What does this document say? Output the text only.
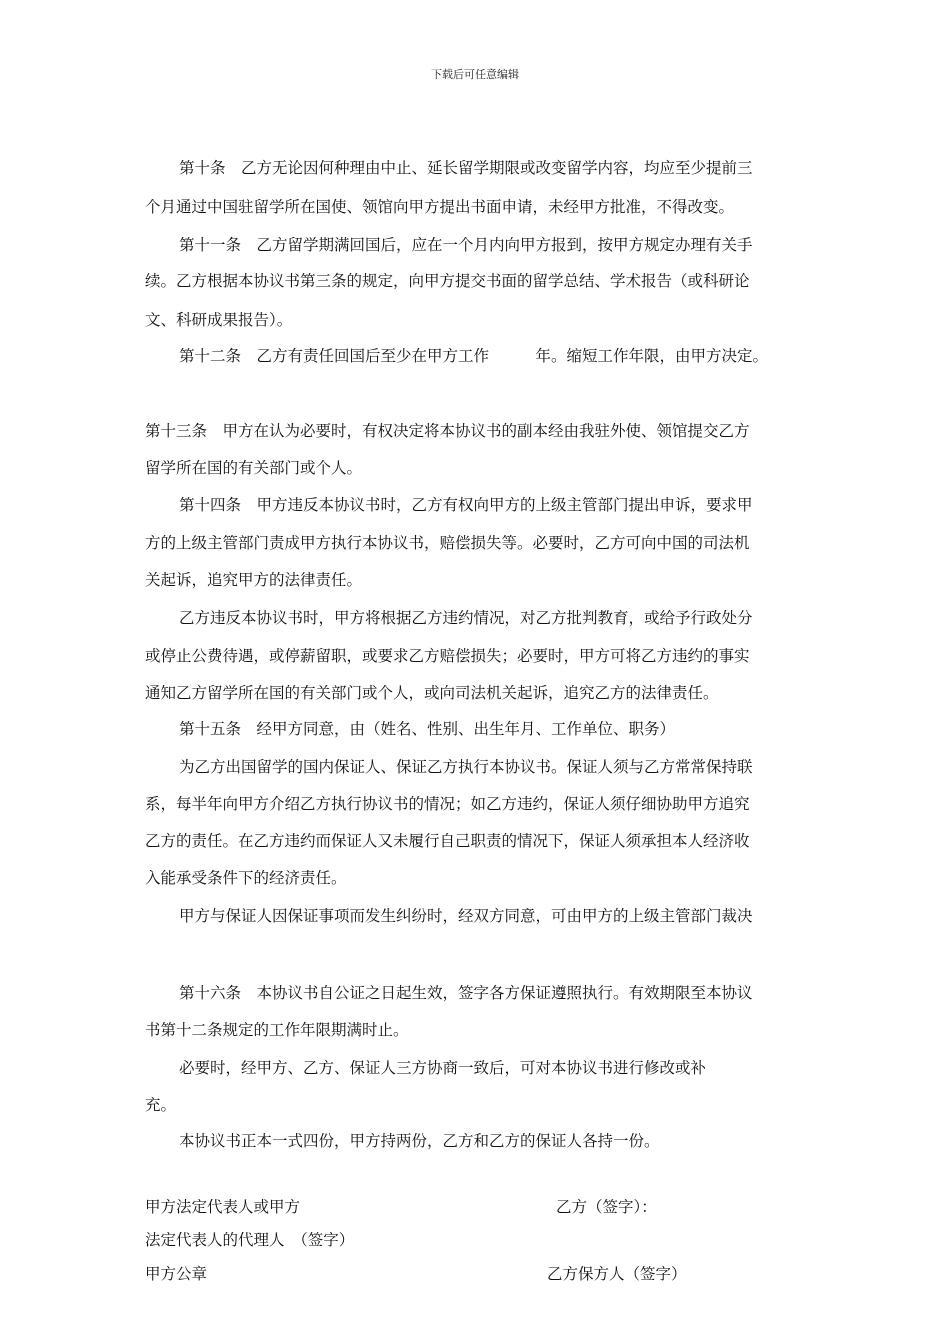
下载后可任意编辑
第十条　乙方无论因何种理由中止、延长留学期限或改变留学内容，均应至少提前三
个月通过中国驻留学所在国使、领馆向甲方提出书面申请，未经甲方批准，不得改变。
第十一条　乙方留学期满回国后，应在一个月内向甲方报到，按甲方规定办理有关手
续。乙方根据本协议书第三条的规定，向甲方提交书面的留学总结、学术报告（或科研论
文、科研成果报告）。
第十二条　乙方有责任回国后至少在甲方工作　　　年。缩短工作年限，由甲方决定。
第十三条　甲方在认为必要时，有权决定将本协议书的副本经由我驻外使、领馆提交乙方
留学所在国的有关部门或个人。
第十四条　甲方违反本协议书时，乙方有权向甲方的上级主管部门提出申诉，要求甲
方的上级主管部门责成甲方执行本协议书，赔偿损失等。必要时，乙方可向中国的司法机
关起诉，追究甲方的法律责任。
乙方违反本协议书时，甲方将根据乙方违约情况，对乙方批判教育，或给予行政处分
或停止公费待遇，或停薪留职，或要求乙方赔偿损失；必要时，甲方可将乙方违约的事实
通知乙方留学所在国的有关部门或个人，或向司法机关起诉，追究乙方的法律责任。
第十五条　经甲方同意，由（姓名、性别、出生年月、工作单位、职务）
为乙方出国留学的国内保证人、保证乙方执行本协议书。保证人须与乙方常常保持联
系，每半年向甲方介绍乙方执行协议书的情况；如乙方违约，保证人须仔细协助甲方追究
乙方的责任。在乙方违约而保证人又未履行自己职责的情况下，保证人须承担本人经济收
入能承受条件下的经济责任。
甲方与保证人因保证事项而发生纠纷时，经双方同意，可由甲方的上级主管部门裁决
第十六条　本协议书自公证之日起生效，签字各方保证遵照执行。有效期限至本协议
书第十二条规定的工作年限期满时止。
必要时，经甲方、乙方、保证人三方协商一致后，可对本协议书进行修改或补
充。
本协议书正本一式四份，甲方持两份，乙方和乙方的保证人各持一份。
甲方法定代表人或甲方	乙方（签字）：
法定代表人的代理人　（签字）
甲方公章	乙方保方人（签字）
